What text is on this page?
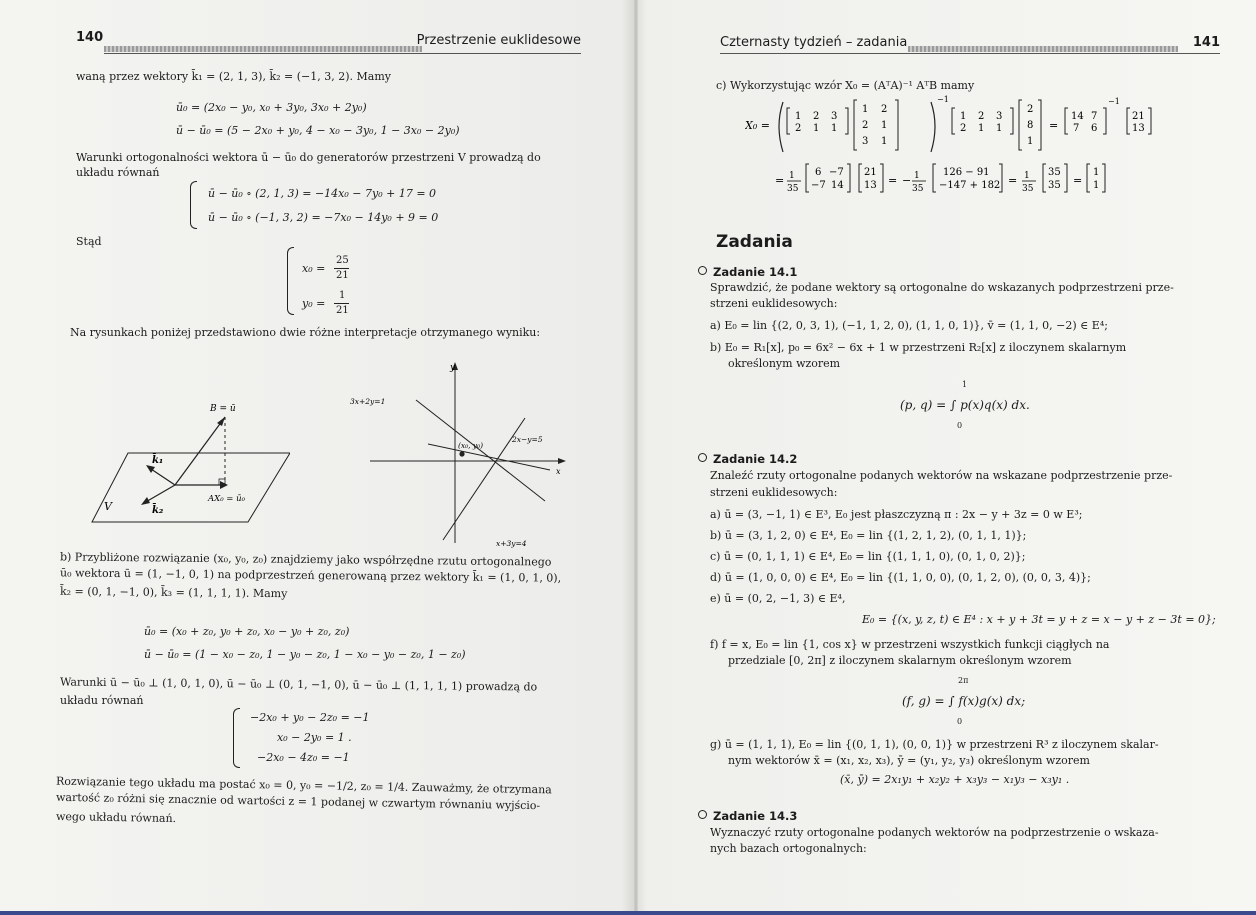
140	Przestrzenie euklidesowe
waną przez wektory k̄₁ = (2, 1, 3), k̄₂ = (−1, 3, 2). Mamy
ū₀ = (2x₀ − y₀, x₀ + 3y₀, 3x₀ + 2y₀)
ū − ū₀ = (5 − 2x₀ + y₀, 4 − x₀ − 3y₀, 1 − 3x₀ − 2y₀)
Warunki ortogonalności wektora ū − ū₀ do generatorów przestrzeni V prowadzą do
układu równań
ū − ū₀ ∘ (2, 1, 3) = −14x₀ − 7y₀ + 17 = 0
ū − ū₀ ∘ (−1, 3, 2) = −7x₀ − 14y₀ + 9 = 0
Stąd
x₀ =
25
21
y₀ =
1
21
Na rysunkach poniżej przedstawiono dwie różne interpretacje otrzymanego wyniku:
B = ū
k̄₁
k̄₂
V
AX₀ = ū₀
y
x
3x+2y=1
2x−y=5
x+3y=4
(x₀, y₀)
b) Przybliżone rozwiązanie (x₀, y₀, z₀) znajdziemy jako współrzędne rzutu ortogonalnego
ū₀ wektora ū = (1, −1, 0, 1) na podprzestrzeń generowaną przez wektory k̄₁ = (1, 0, 1, 0),
k̄₂ = (0, 1, −1, 0), k̄₃ = (1, 1, 1, 1). Mamy
ū₀ = (x₀ + z₀, y₀ + z₀, x₀ − y₀ + z₀, z₀)
ū − ū₀ = (1 − x₀ − z₀, 1 − y₀ − z₀, 1 − x₀ − y₀ − z₀, 1 − z₀)
Warunki ū − ū₀ ⊥ (1, 0, 1, 0), ū − ū₀ ⊥ (0, 1, −1, 0), ū − ū₀ ⊥ (1, 1, 1, 1) prowadzą do
układu równań
−2x₀ + y₀ − 2z₀ = −1
x₀ − 2y₀ = 1 .
−2x₀ − 4z₀ = −1
Rozwiązanie tego układu ma postać x₀ = 0, y₀ = −1/2, z₀ = 1/4. Zauważmy, że otrzymana
wartość z₀ różni się znacznie od wartości z = 1 podanej w czwartym równaniu wyjścio-
wego układu równań.
Czternasty tydzień – zadania	141
c) Wykorzystując wzór X₀ = (AᵀA)⁻¹ AᵀB mamy
X₀ =
−1
1 2 3
2 1 1
1 2
2 1
3 1
1 2 3
2 1 1
2
8
1
=
14 7
7 6
−1
21
13
= 1
35
6 −7
−7 14
21
13 = − 1
35
126 − 91
−147 + 182 = 1
35
35
35 =
1
1
Zadania
Zadanie 14.1
Sprawdzić, że podane wektory są ortogonalne do wskazanych podprzestrzeni prze-
strzeni euklidesowych:
a) E₀ = lin {(2, 0, 3, 1), (−1, 1, 2, 0), (1, 1, 0, 1)}, v̄ = (1, 1, 0, −2) ∈ E⁴;
b) E₀ = R₁[x], p₀ = 6x² − 6x + 1 w przestrzeni R₂[x] z iloczynem skalarnym
określonym wzorem
1
(p, q) = ∫ p(x)q(x) dx.
0
Zadanie 14.2
Znaleźć rzuty ortogonalne podanych wektorów na wskazane podprzestrzenie prze-
strzeni euklidesowych:
a) ū = (3, −1, 1) ∈ E³, E₀ jest płaszczyzną π : 2x − y + 3z = 0 w E³;
b) ū = (3, 1, 2, 0) ∈ E⁴, E₀ = lin {(1, 2, 1, 2), (0, 1, 1, 1)};
c) ū = (0, 1, 1, 1) ∈ E⁴, E₀ = lin {(1, 1, 1, 0), (0, 1, 0, 2)};
d) ū = (1, 0, 0, 0) ∈ E⁴, E₀ = lin {(1, 1, 0, 0), (0, 1, 2, 0), (0, 0, 3, 4)};
e) ū = (0, 2, −1, 3) ∈ E⁴,
E₀ = {(x, y, z, t) ∈ E⁴ : x + y + 3t = y + z = x − y + z − 3t = 0};
f) f = x, E₀ = lin {1, cos x} w przestrzeni wszystkich funkcji ciągłych na
przedziale [0, 2π] z iloczynem skalarnym określonym wzorem
2π
(f, g) = ∫ f(x)g(x) dx;
0
g) ū = (1, 1, 1), E₀ = lin {(0, 1, 1), (0, 0, 1)} w przestrzeni R³ z iloczynem skalar-
nym wektorów x̄ = (x₁, x₂, x₃), ȳ = (y₁, y₂, y₃) określonym wzorem
(x̄, ȳ) = 2x₁y₁ + x₂y₂ + x₃y₃ − x₁y₃ − x₃y₁ .
Zadanie 14.3
Wyznaczyć rzuty ortogonalne podanych wektorów na podprzestrzenie o wskaza-
nych bazach ortogonalnych:
